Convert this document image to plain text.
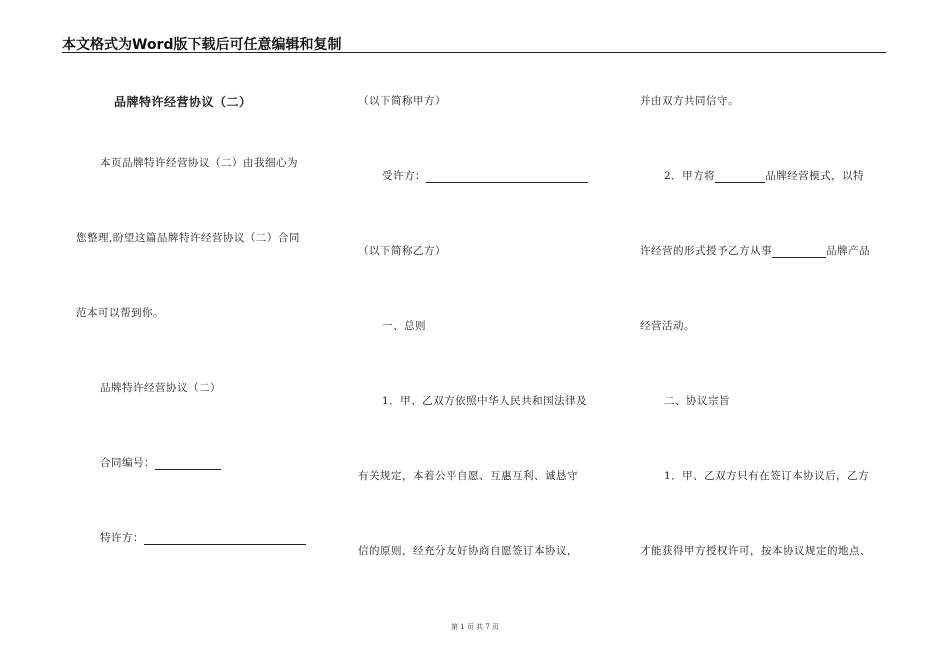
本文格式为Word版下载后可任意编辑和复制
品牌特许经营协议（二）
本页品牌特许经营协议（二）由我细心为
您整理,盼望这篇品牌特许经营协议（二）合同
范本可以帮到你。
品牌特许经营协议（二）
合同编号：
特许方：
（以下简称甲方）
受许方：
（以下简称乙方）
一、总则
1．甲、乙双方依照中华人民共和国法律及
有关规定，本着公平自愿、互惠互利、诚恳守
信的原则，经充分友好协商自愿签订本协议，
并由双方共同信守。
2．甲方将	品牌经营模式，以特
许经营的形式授予乙方从事	品牌产品
经营活动。
二、协议宗旨
1．甲、乙双方只有在签订本协议后，乙方
才能获得甲方授权许可，按本协议规定的地点、
第 1 页 共 7 页
